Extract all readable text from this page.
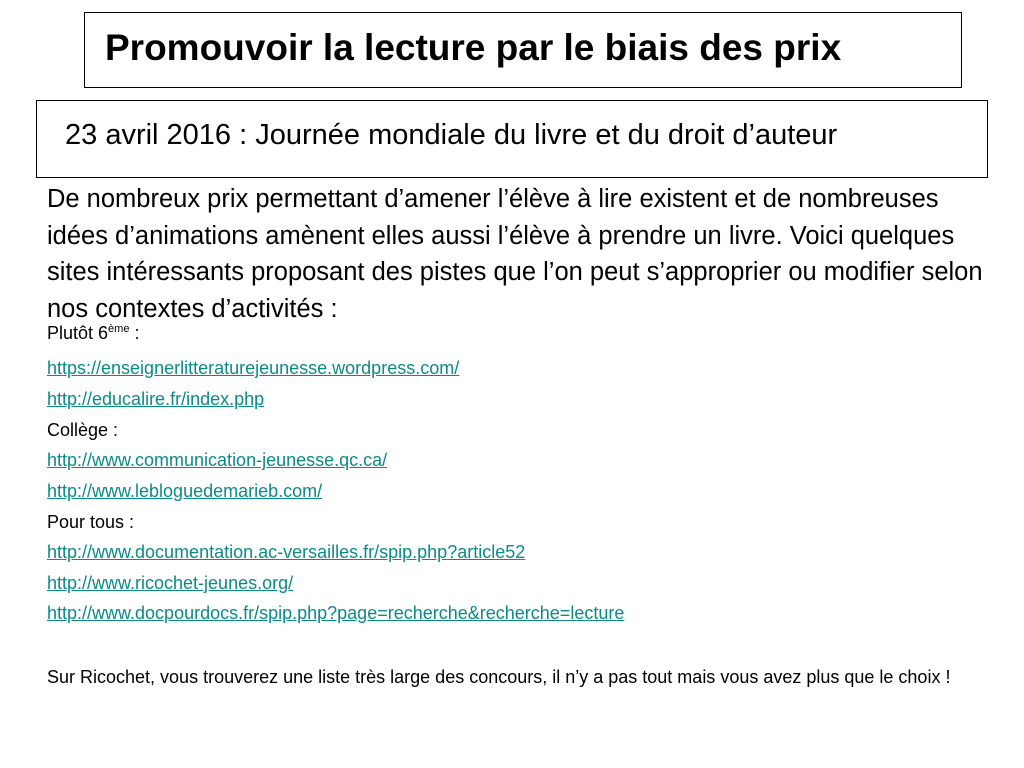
Promouvoir la lecture par le biais des prix
23 avril 2016 : Journée mondiale du livre et du droit d’auteur
De nombreux prix permettant d’amener l’élève à lire existent et de nombreuses idées d’animations amènent elles aussi l’élève à prendre un livre. Voici quelques sites intéressants proposant des pistes que l’on peut s’approprier ou modifier selon nos contextes d’activités :
Plutôt 6ème :
https://enseignerlitteraturejeunesse.wordpress.com/
http://educalire.fr/index.php
Collège :
http://www.communication-jeunesse.qc.ca/
http://www.lebloguedemarieb.com/
Pour tous :
http://www.documentation.ac-versailles.fr/spip.php?article52
http://www.ricochet-jeunes.org/
http://www.docpourdocs.fr/spip.php?page=recherche&recherche=lecture
Sur Ricochet, vous trouverez une liste très large des concours, il n’y a pas tout mais vous avez plus que le choix !
